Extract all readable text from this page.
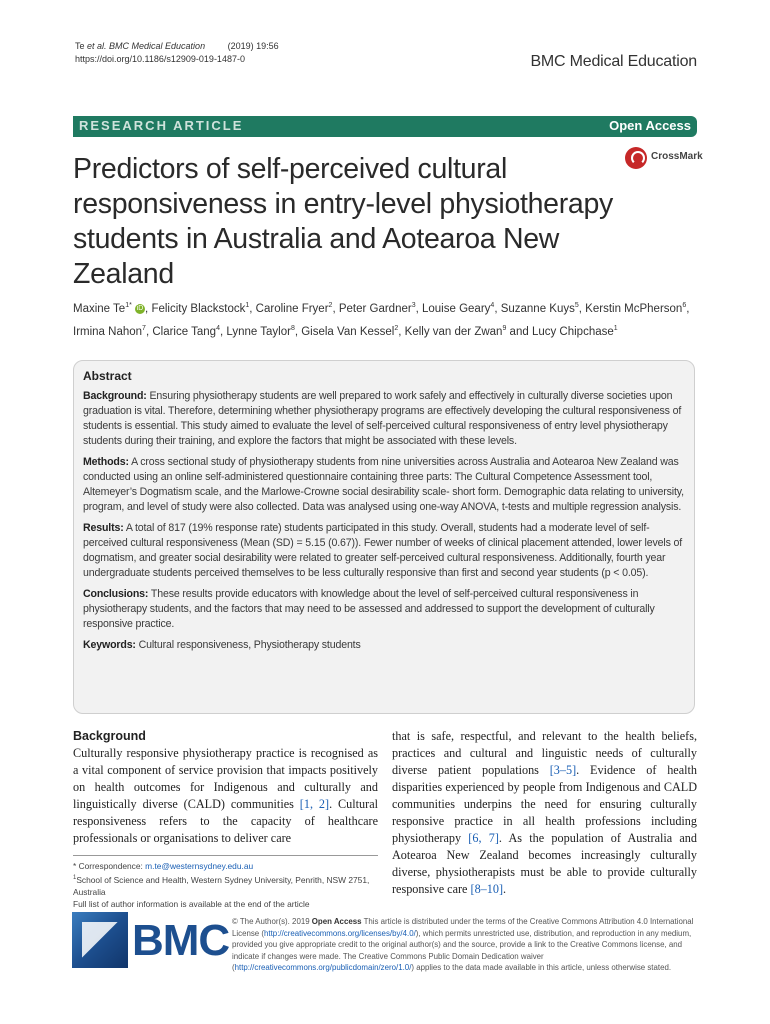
Te et al. BMC Medical Education	(2019) 19:56
https://doi.org/10.1186/s12909-019-1487-0	BMC Medical Education
RESEARCH ARTICLE	Open Access
CrossMark
Predictors of self-perceived cultural responsiveness in entry-level physiotherapy students in Australia and Aotearoa New Zealand
Maxine $Te^{1*}$ iD , Felicity Blackstock$^1$, Caroline Fryer$^2$, Peter Gardner$^3$, Louise Geary$^4$, Suzanne Kuys$^5$, Kerstin McPherson$^6$, Irmina Nahon$^7$, Clarice Tang$^4$, Lynne Taylor$^8$, Gisela Van Kessel$^2$, Kelly van der Zwan$^9$ and Lucy Chipchase$^1$
Abstract

Background: Ensuring physiotherapy students are well prepared to work safely and effectively in culturally diverse societies upon graduation is vital. Therefore, determining whether physiotherapy programs are effectively developing the cultural responsiveness of students is essential. This study aimed to evaluate the level of self-perceived cultural responsiveness of entry level physiotherapy students during their training, and explore the factors that might be associated with these levels.

Methods: A cross sectional study of physiotherapy students from nine universities across Australia and Aotearoa New Zealand was conducted using an online self-administered questionnaire containing three parts: The Cultural Competence Assessment tool, Altemeyer’s Dogmatism scale, and the Marlowe-Crowne social desirability scale- short form. Demographic data relating to university, program, and level of study were also collected. Data was analysed using one-way ANOVA, t-tests and multiple regression analysis.

Results: A total of 817 (19% response rate) students participated in this study. Overall, students had a moderate level of self-perceived cultural responsiveness (Mean (SD) = 5.15 (0.67)). Fewer number of weeks of clinical placement attended, lower levels of dogmatism, and greater social desirability were related to greater self-perceived cultural responsiveness. Additionally, fourth year undergraduate students perceived themselves to be less culturally responsive than first and second year students (p < 0.05).

Conclusions: These results provide educators with knowledge about the level of self-perceived cultural responsiveness in physiotherapy students, and the factors that may need to be assessed and addressed to support the development of culturally responsive practice.

Keywords: Cultural responsiveness, Physiotherapy students

Background

Culturally responsive physiotherapy practice is recognised as a vital component of service provision that impacts positively on health outcomes for Indigenous and culturally and linguistically diverse (CALD) communities [1, 2]. Cultural responsiveness refers to the capacity of healthcare professionals or organisations to deliver care

that is safe, respectful, and relevant to the health beliefs, practices and cultural and linguistic needs of culturally diverse patient populations [3–5]. Evidence of health disparities experienced by people from Indigenous and CALD communities underpins the need for ensuring culturally responsive practice in all health professions including physiotherapy [6, 7]. As the population of Australia and Aotearoa New Zealand becomes increasingly culturally diverse, physiotherapists must be able to provide culturally responsive care [8–10].

* Correspondence: m.te@westernsydney.edu.au
$^1$School of Science and Health, Western Sydney University, Penrith, NSW 2751, Australia
Full list of author information is available at the end of the article
BMC © The Author(s). 2019 Open Access This article is distributed under the terms of the Creative Commons Attribution 4.0 International License (http://creativecommons.org/licenses/by/4.0/), which permits unrestricted use, distribution, and reproduction in any medium, provided you give appropriate credit to the original author(s) and the source, provide a link to the Creative Commons license, and indicate if changes were made. The Creative Commons Public Domain Dedication waiver (http://creativecommons.org/publicdomain/zero/1.0/) applies to the data made available in this article, unless otherwise stated.
